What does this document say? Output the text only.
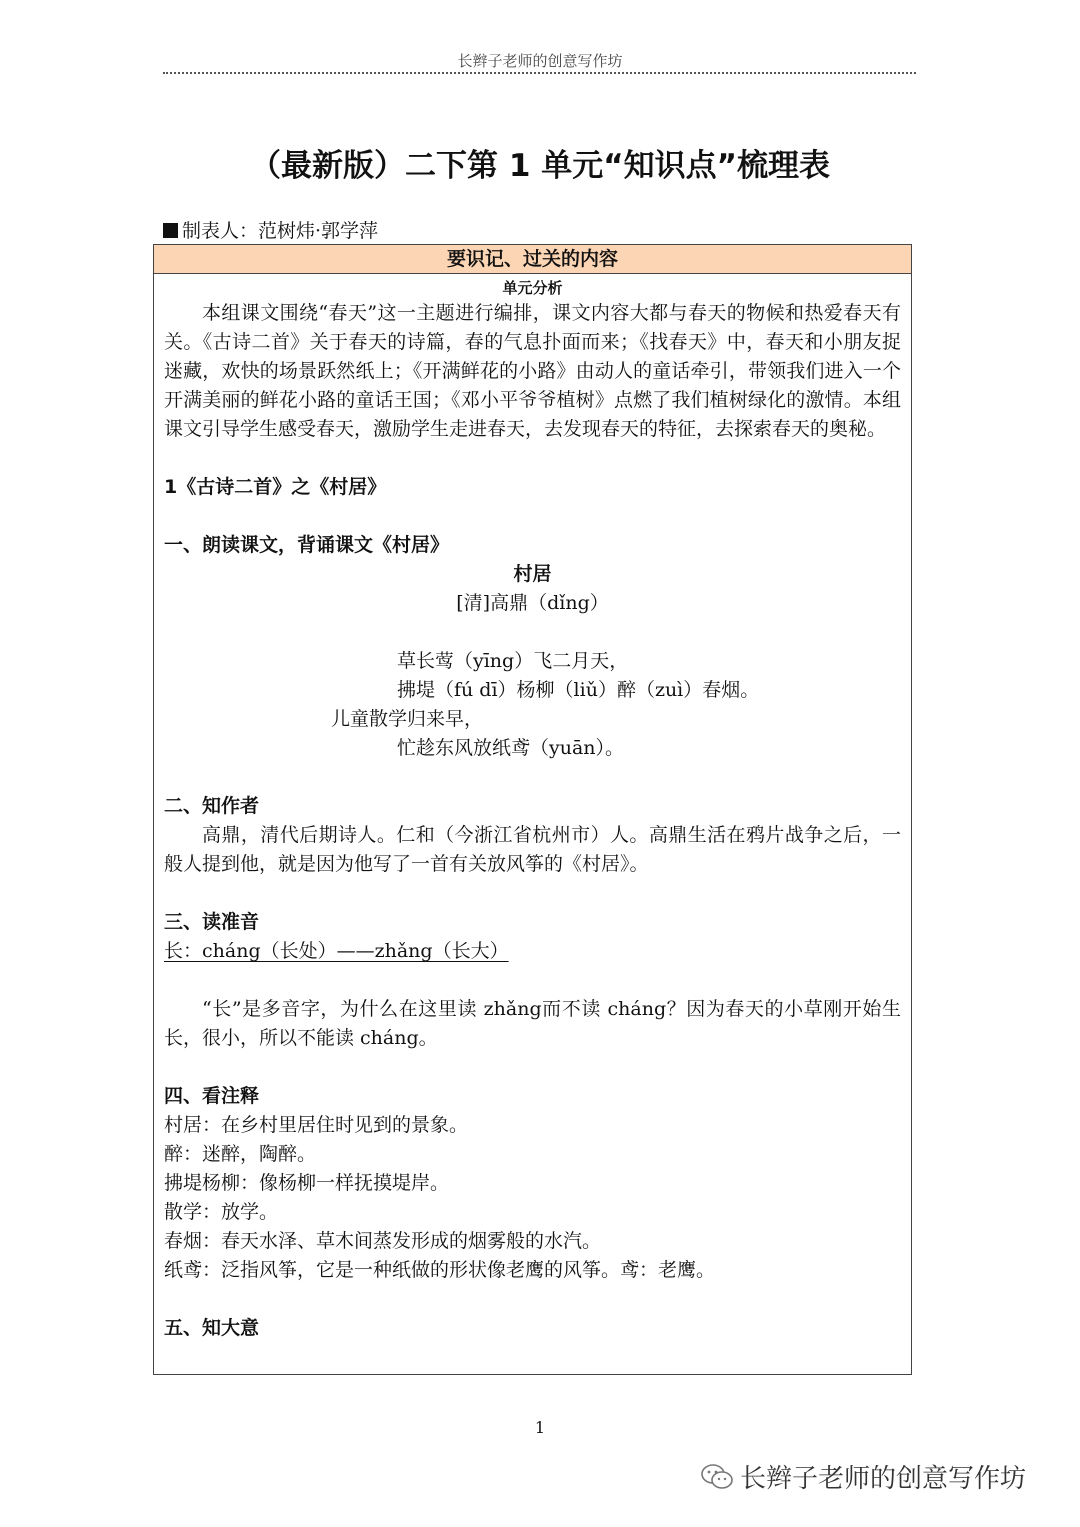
长辫子老师的创意写作坊
（最新版）二下第 1 单元“知识点”梳理表
制表人：范树炜·郭学萍
要识记、过关的内容
单元分析

本组课文围绕“春天”这一主题进行编排，课文内容大都与春天的物候和热爱春天有关。《古诗二首》关于春天的诗篇，春的气息扑面而来；《找春天》中，春天和小朋友捉迷藏，欢快的场景跃然纸上；《开满鲜花的小路》由动人的童话牵引，带领我们进入一个开满美丽的鲜花小路的童话王国；《邓小平爷爷植树》点燃了我们植树绿化的激情。本组课文引导学生感受春天，激励学生走进春天，去发现春天的特征，去探索春天的奥秘。

1《古诗二首》之《村居》
一、朗读课文，背诵课文《村居》
村居
[清]高鼎（dǐng）
草长莺（yīng）飞二月天，
拂堤（fú dī）杨柳（liǔ）醉（zuì）春烟。
儿童散学归来早，
忙趁东风放纸鸢（yuān）。
二、知作者

高鼎，清代后期诗人。仁和（今浙江省杭州市）人。高鼎生活在鸦片战争之后，一般人提到他，就是因为他写了一首有关放风筝的《村居》。

三、读准音
长：cháng（长处）——zhǎng（长大）

“长”是多音字，为什么在这里读 zhǎng而不读 cháng？因为春天的小草刚开始生长，很小，所以不能读 cháng。

四、看注释

村居：在乡村里居住时见到的景象。

醉：迷醉，陶醉。

拂堤杨柳：像杨柳一样抚摸堤岸。

散学：放学。

春烟：春天水泽、草木间蒸发形成的烟雾般的水汽。

纸鸢：泛指风筝，它是一种纸做的形状像老鹰的风筝。鸢：老鹰。

五、知大意
1
长辫子老师的创意写作坊
